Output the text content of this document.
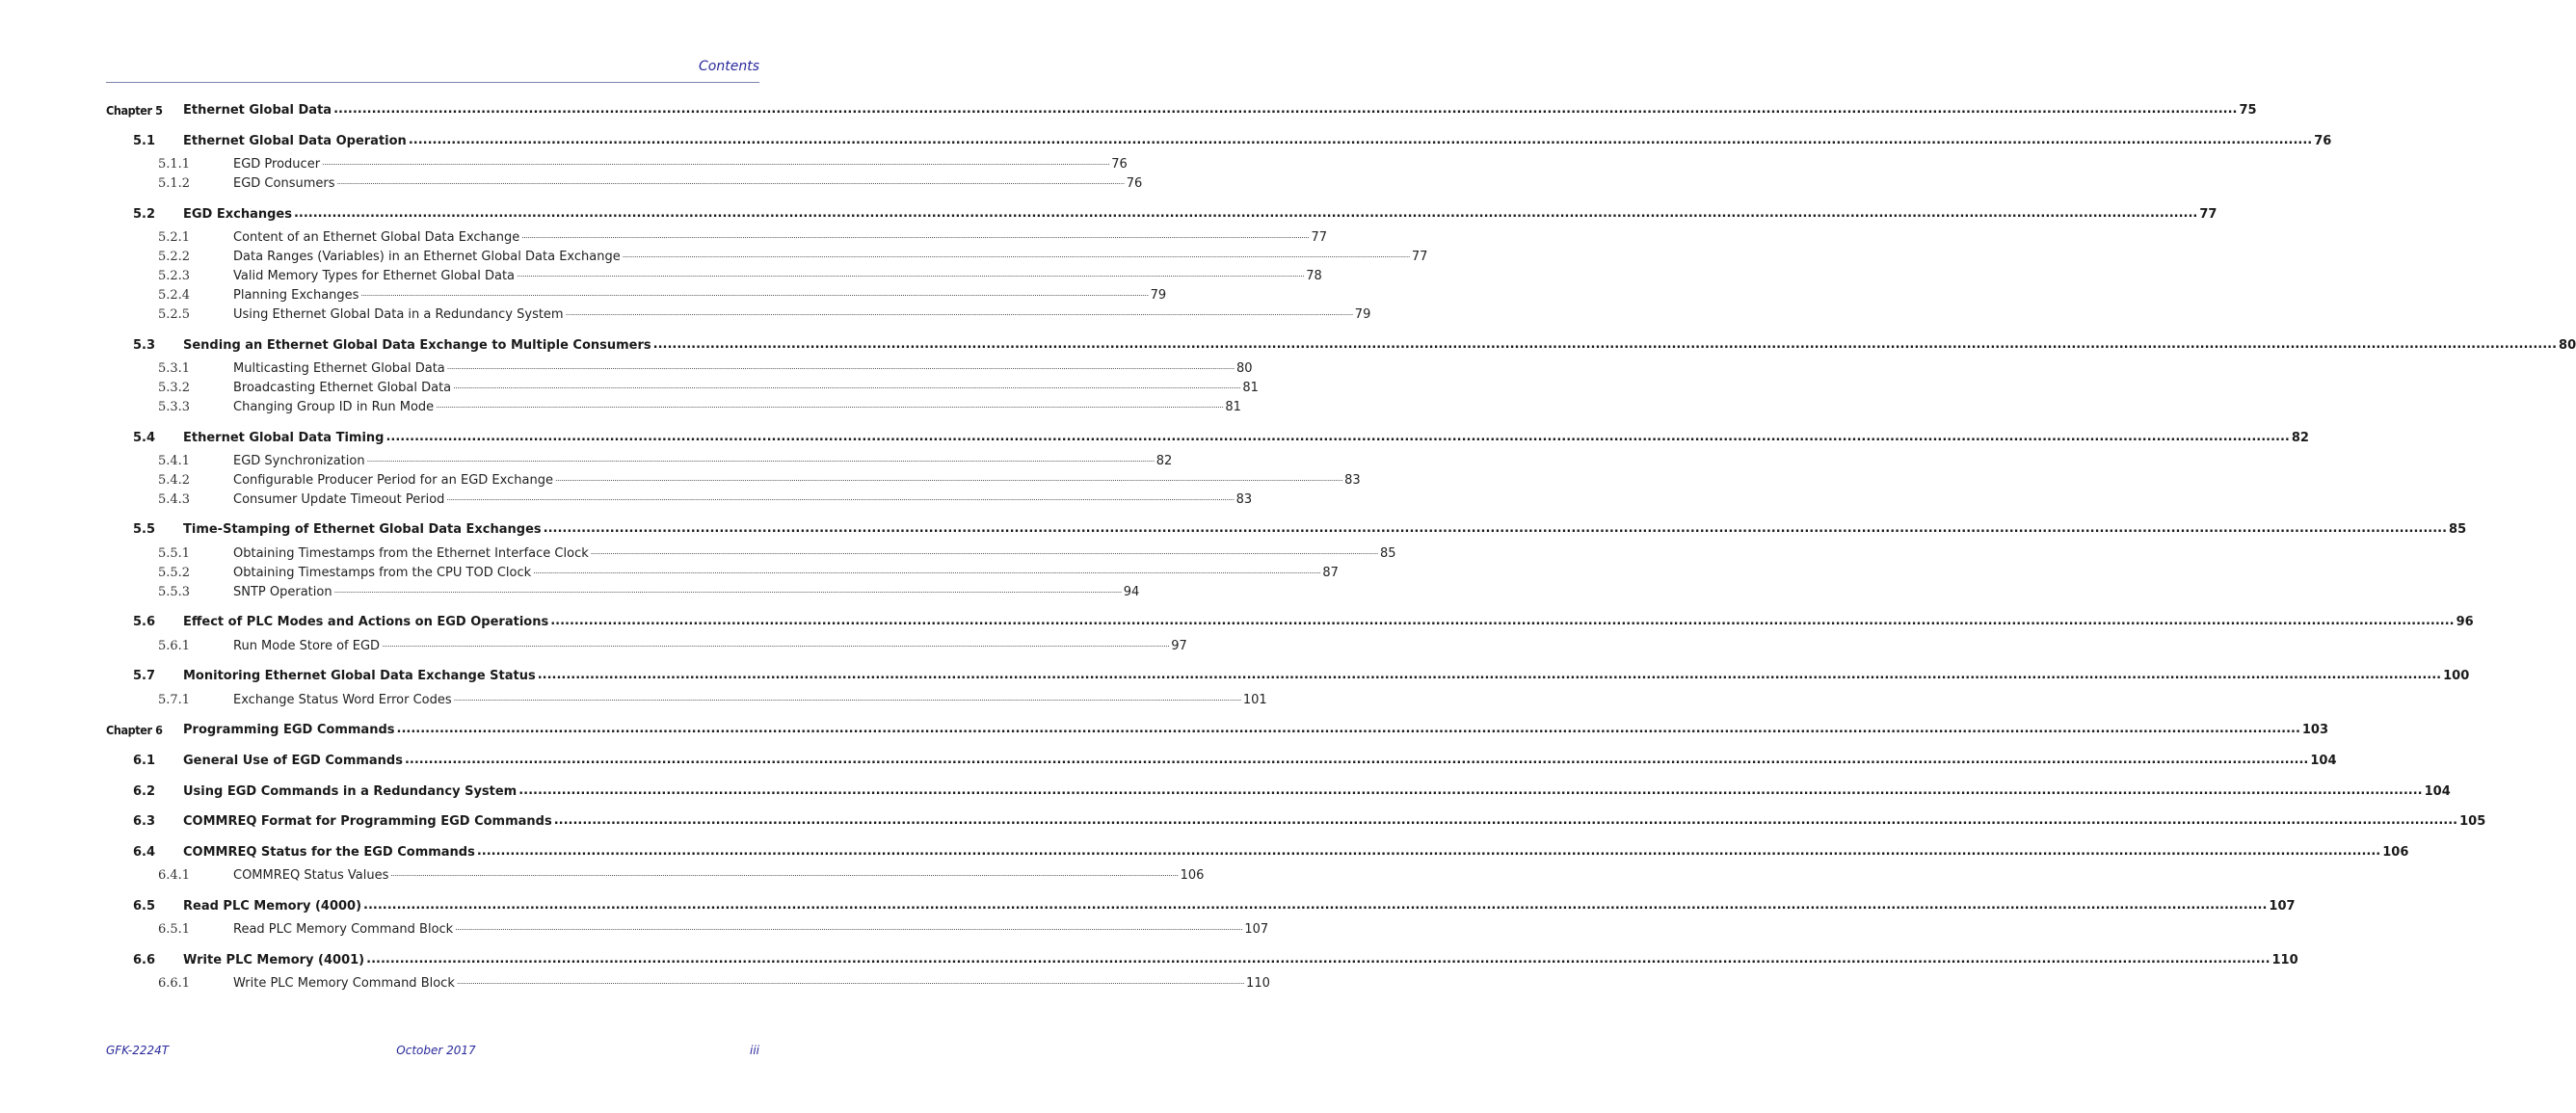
Contents
Chapter 5	Ethernet Global Data ................................................................................................................................................................................................................................................................................................................................................................................................................ 75
5.1	Ethernet Global Data Operation ................................................................................................................................................................................................................................................................................................................................................................................................................ 76
5.1.1	EGD Producer ................................................................................................................................................................................................................................................................................................................................................................................................................ 76
5.1.2	EGD Consumers ................................................................................................................................................................................................................................................................................................................................................................................................................ 76
5.2	EGD Exchanges ................................................................................................................................................................................................................................................................................................................................................................................................................ 77
5.2.1	Content of an Ethernet Global Data Exchange ................................................................................................................................................................................................................................................................................................................................................................................................................ 77
5.2.2	Data Ranges (Variables) in an Ethernet Global Data Exchange ................................................................................................................................................................................................................................................................................................................................................................................................................ 77
5.2.3	Valid Memory Types for Ethernet Global Data ................................................................................................................................................................................................................................................................................................................................................................................................................ 78
5.2.4	Planning Exchanges ................................................................................................................................................................................................................................................................................................................................................................................................................ 79
5.2.5	Using Ethernet Global Data in a Redundancy System ................................................................................................................................................................................................................................................................................................................................................................................................................ 79
5.3	Sending an Ethernet Global Data Exchange to Multiple Consumers ................................................................................................................................................................................................................................................................................................................................................................................................................ 80
5.3.1	Multicasting Ethernet Global Data ................................................................................................................................................................................................................................................................................................................................................................................................................ 80
5.3.2	Broadcasting Ethernet Global Data ................................................................................................................................................................................................................................................................................................................................................................................................................ 81
5.3.3	Changing Group ID in Run Mode ................................................................................................................................................................................................................................................................................................................................................................................................................ 81
5.4	Ethernet Global Data Timing ................................................................................................................................................................................................................................................................................................................................................................................................................ 82
5.4.1	EGD Synchronization ................................................................................................................................................................................................................................................................................................................................................................................................................ 82
5.4.2	Configurable Producer Period for an EGD Exchange ................................................................................................................................................................................................................................................................................................................................................................................................................ 83
5.4.3	Consumer Update Timeout Period ................................................................................................................................................................................................................................................................................................................................................................................................................ 83
5.5	Time-Stamping of Ethernet Global Data Exchanges ................................................................................................................................................................................................................................................................................................................................................................................................................ 85
5.5.1	Obtaining Timestamps from the Ethernet Interface Clock ................................................................................................................................................................................................................................................................................................................................................................................................................ 85
5.5.2	Obtaining Timestamps from the CPU TOD Clock ................................................................................................................................................................................................................................................................................................................................................................................................................ 87
5.5.3	SNTP Operation ................................................................................................................................................................................................................................................................................................................................................................................................................ 94
5.6	Effect of PLC Modes and Actions on EGD Operations ................................................................................................................................................................................................................................................................................................................................................................................................................ 96
5.6.1	Run Mode Store of EGD ................................................................................................................................................................................................................................................................................................................................................................................................................ 97
5.7	Monitoring Ethernet Global Data Exchange Status ................................................................................................................................................................................................................................................................................................................................................................................................................ 100
5.7.1	Exchange Status Word Error Codes ................................................................................................................................................................................................................................................................................................................................................................................................................ 101
Chapter 6	Programming EGD Commands ................................................................................................................................................................................................................................................................................................................................................................................................................ 103
6.1	General Use of EGD Commands ................................................................................................................................................................................................................................................................................................................................................................................................................ 104
6.2	Using EGD Commands in a Redundancy System ................................................................................................................................................................................................................................................................................................................................................................................................................ 104
6.3	COMMREQ Format for Programming EGD Commands ................................................................................................................................................................................................................................................................................................................................................................................................................ 105
6.4	COMMREQ Status for the EGD Commands ................................................................................................................................................................................................................................................................................................................................................................................................................ 106
6.4.1	COMMREQ Status Values ................................................................................................................................................................................................................................................................................................................................................................................................................ 106
6.5	Read PLC Memory (4000) ................................................................................................................................................................................................................................................................................................................................................................................................................ 107
6.5.1	Read PLC Memory Command Block ................................................................................................................................................................................................................................................................................................................................................................................................................ 107
6.6	Write PLC Memory (4001) ................................................................................................................................................................................................................................................................................................................................................................................................................ 110
6.6.1	Write PLC Memory Command Block ................................................................................................................................................................................................................................................................................................................................................................................................................ 110
GFK-2224T	October 2017	iii
